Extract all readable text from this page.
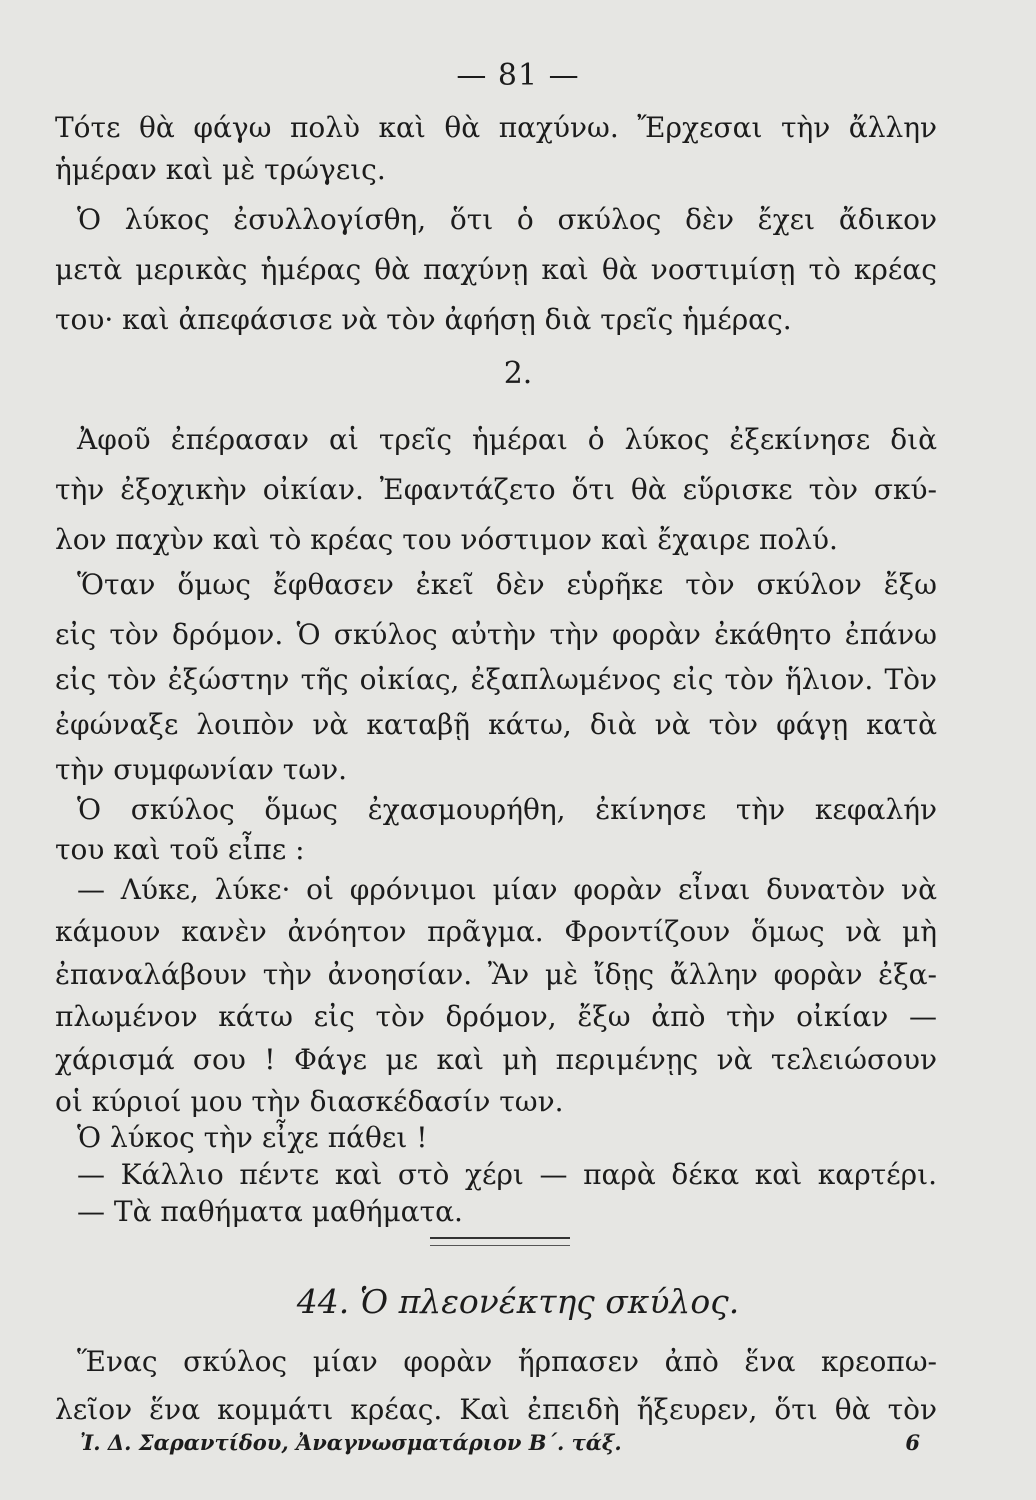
— 81 —
Τότε θὰ φάγω πολὺ καὶ θὰ παχύνω. Ἔρχεσαι τὴν ἄλλην
ἡμέραν καὶ μὲ τρώγεις.
Ὁ λύκος ἐσυλλογίσθη, ὅτι ὁ σκύλος δὲν ἔχει ἄδικον
μετὰ μερικὰς ἡμέρας θὰ παχύνῃ καὶ θὰ νοστιμίσῃ τὸ κρέας
του· καὶ ἀπεφάσισε νὰ τὸν ἀφήσῃ διὰ τρεῖς ἡμέρας.
Ἀφοῦ ἐπέρασαν αἱ τρεῖς ἡμέραι ὁ λύκος ἐξεκίνησε διὰ
τὴν ἐξοχικὴν οἰκίαν. Ἐφαντάζετο ὅτι θὰ εὕρισκε τὸν σκύ-
λον παχὺν καὶ τὸ κρέας του νόστιμον καὶ ἔχαιρε πολύ.
Ὅταν ὅμως ἔφθασεν ἐκεῖ δὲν εὑρῆκε τὸν σκύλον ἔξω
εἰς τὸν δρόμον. Ὁ σκύλος αὐτὴν τὴν φορὰν ἐκάθητο ἐπάνω
εἰς τὸν ἐξώστην τῆς οἰκίας, ἐξαπλωμένος εἰς τὸν ἥλιον. Τὸν
ἐφώναξε λοιπὸν νὰ καταβῇ κάτω, διὰ νὰ τὸν φάγῃ κατὰ
τὴν συμφωνίαν των.
Ὁ σκύλος ὅμως ἐχασμουρήθη, ἐκίνησε τὴν κεφαλήν
του καὶ τοῦ εἶπε :
— Λύκε, λύκε· οἱ φρόνιμοι μίαν φορὰν εἶναι δυνατὸν νὰ
κάμουν κανὲν ἀνόητον πρᾶγμα. Φροντίζουν ὅμως νὰ μὴ
ἐπαναλάβουν τὴν ἀνοησίαν. Ἂν μὲ ἴδῃς ἄλλην φορὰν ἐξα-
πλωμένον κάτω εἰς τὸν δρόμον, ἔξω ἀπὸ τὴν οἰκίαν —
χάρισμά σου ! Φάγε με καὶ μὴ περιμένῃς νὰ τελειώσουν
οἱ κύριοί μου τὴν διασκέδασίν των.
Ὁ λύκος τὴν εἶχε πάθει !
— Κάλλιο πέντε καὶ στὸ χέρι — παρὰ δέκα καὶ καρτέρι.
— Τὰ παθήματα μαθήματα.
2.
44. Ὁ πλεονέκτης σκύλος.
Ἕνας σκύλος μίαν φορὰν ἥρπασεν ἀπὸ ἕνα κρεοπω-
λεῖον ἕνα κομμάτι κρέας. Καὶ ἐπειδὴ ἤξευρεν, ὅτι θὰ τὸν
Ἰ. Δ. Σαραντίδου, Ἀναγνωσματάριον Β΄. τάξ.	6
